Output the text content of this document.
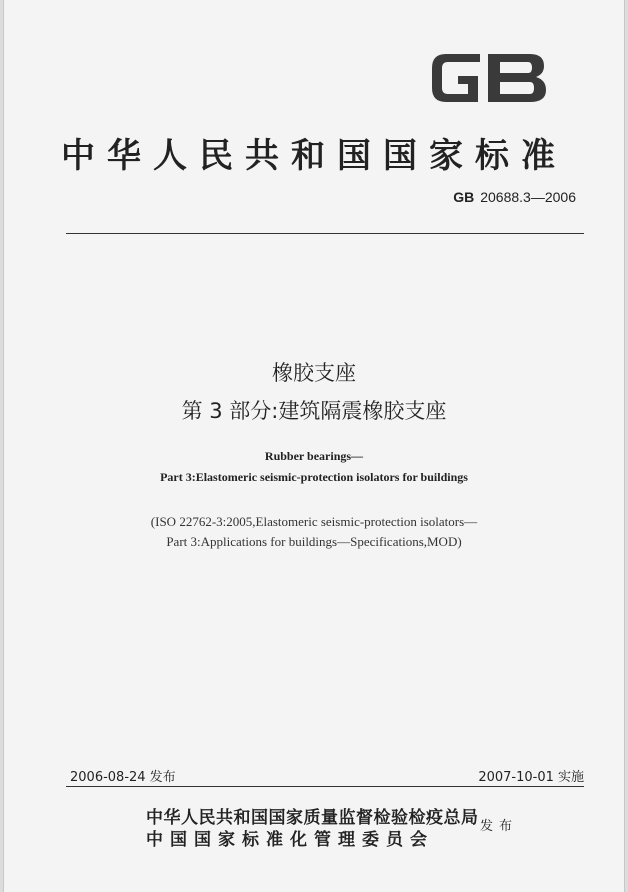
中华人民共和国国家标准
GB 20688.3—2006
橡胶支座
第 3 部分:建筑隔震橡胶支座
Rubber bearings—
Part 3:Elastomeric seismic-protection isolators for buildings
(ISO 22762-3:2005,Elastomeric seismic-protection isolators—
Part 3:Applications for buildings—Specifications,MOD)
2006-08-24 发布	2007-10-01 实施
中华人民共和国国家质量监督检验检疫总局
中国国家标准化管理委员会
发布
